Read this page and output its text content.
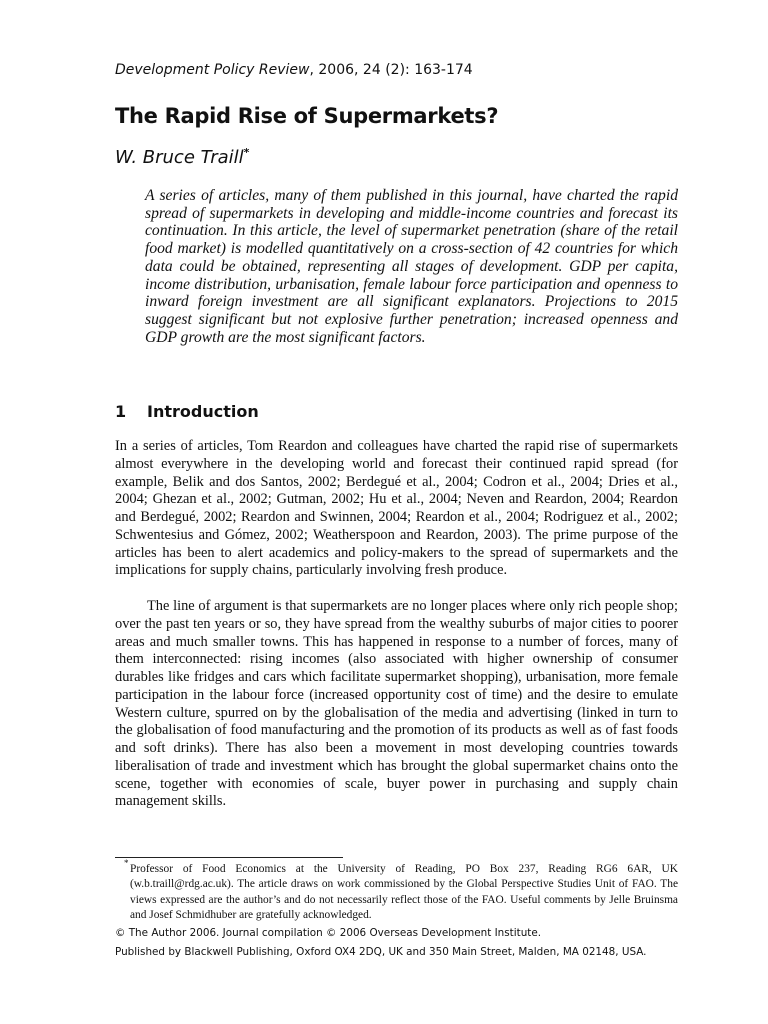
Development Policy Review, 2006, 24 (2): 163-174
The Rapid Rise of Supermarkets?
W. Bruce Traill*

A series of articles, many of them published in this journal, have charted the rapid spread of supermarkets in developing and middle-income countries and forecast its continuation. In this article, the level of supermarket penetration (share of the retail food market) is modelled quantitatively on a cross-section of 42 countries for which data could be obtained, representing all stages of development. GDP per capita, income distribution, urbanisation, female labour force participation and openness to inward foreign investment are all significant explanators. Projections to 2015 suggest significant but not explosive further penetration; increased openness and GDP growth are the most significant factors.

1 Introduction

In a series of articles, Tom Reardon and colleagues have charted the rapid rise of supermarkets almost everywhere in the developing world and forecast their continued rapid spread (for example, Belik and dos Santos, 2002; Berdegué et al., 2004; Codron et al., 2004; Dries et al., 2004; Ghezan et al., 2002; Gutman, 2002; Hu et al., 2004; Neven and Reardon, 2004; Reardon and Berdegué, 2002; Reardon and Swinnen, 2004; Reardon et al., 2004; Rodriguez et al., 2002; Schwentesius and Gómez, 2002; Weatherspoon and Reardon, 2003). The prime purpose of the articles has been to alert academics and policy-makers to the spread of supermarkets and the implications for supply chains, particularly involving fresh produce.

The line of argument is that supermarkets are no longer places where only rich people shop; over the past ten years or so, they have spread from the wealthy suburbs of major cities to poorer areas and much smaller towns. This has happened in response to a number of forces, many of them interconnected: rising incomes (also associated with higher ownership of consumer durables like fridges and cars which facilitate supermarket shopping), urbanisation, more female participation in the labour force (increased opportunity cost of time) and the desire to emulate Western culture, spurred on by the globalisation of the media and advertising (linked in turn to the globalisation of food manufacturing and the promotion of its products as well as of fast foods and soft drinks). There has also been a movement in most developing countries towards liberalisation of trade and investment which has brought the global supermarket chains onto the scene, together with economies of scale, buyer power in purchasing and supply chain management skills.

* Professor of Food Economics at the University of Reading, PO Box 237, Reading RG6 6AR, UK (w.b.traill@rdg.ac.uk). The article draws on work commissioned by the Global Perspective Studies Unit of FAO. The views expressed are the author’s and do not necessarily reflect those of the FAO. Useful comments by Jelle Bruinsma and Josef Schmidhuber are gratefully acknowledged.

© The Author 2006. Journal compilation © 2006 Overseas Development Institute.
Published by Blackwell Publishing, Oxford OX4 2DQ, UK and 350 Main Street, Malden, MA 02148, USA.
